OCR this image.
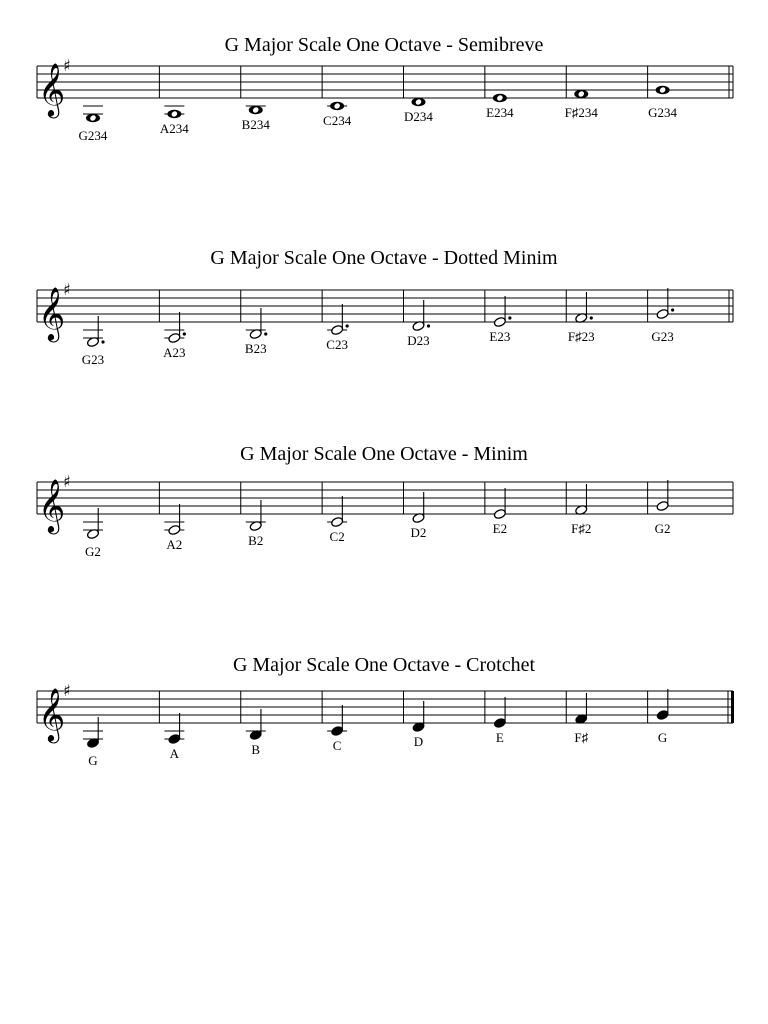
G Major Scale One Octave - Semibreve
𝄞
♯
G234	A234	B234	C234	D234	E234	F♯234	G234
G Major Scale One Octave - Dotted Minim
𝄞
♯
G23	A23	B23	C23	D23	E23	F♯23	G23
G Major Scale One Octave - Minim
𝄞
♯
G2	A2	B2	C2	D2	E2	F♯2	G2
G Major Scale One Octave - Crotchet
𝄞
♯
G	A	B	C	D	E	F♯	G
